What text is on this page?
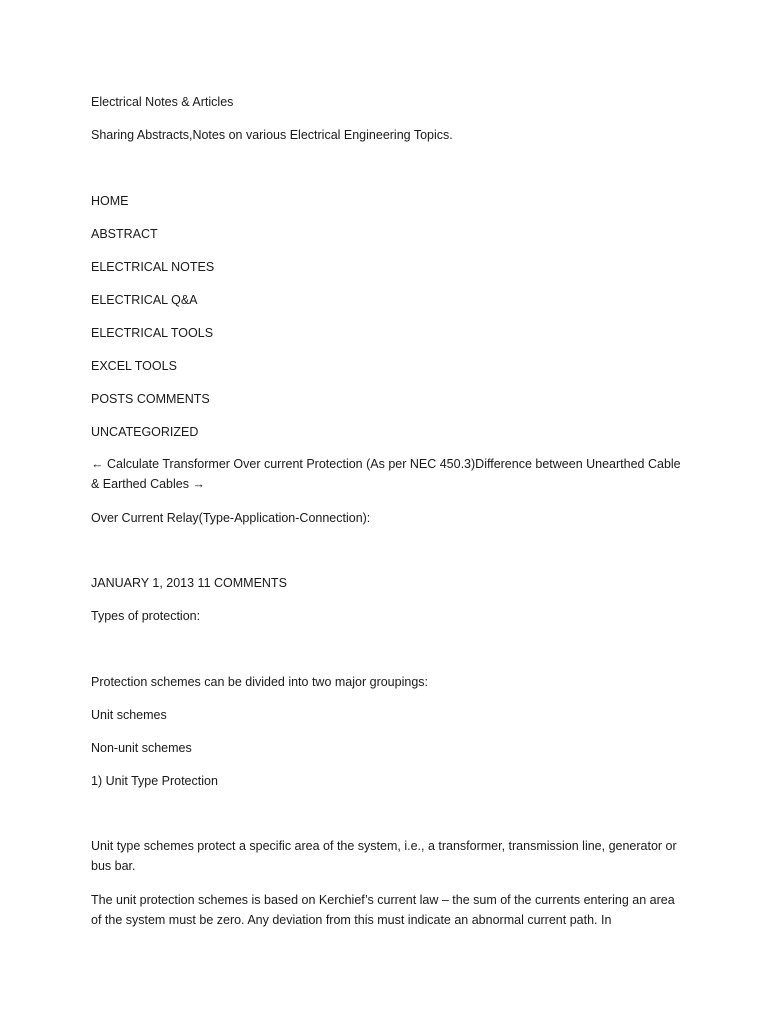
Electrical Notes & Articles
Sharing Abstracts,Notes on various Electrical Engineering Topics.
HOME
ABSTRACT
ELECTRICAL NOTES
ELECTRICAL Q&A
ELECTRICAL TOOLS
EXCEL TOOLS
POSTS COMMENTS
UNCATEGORIZED
← Calculate Transformer Over current Protection (As per NEC 450.3)Difference between Unearthed Cable & Earthed Cables →
Over Current Relay(Type-Application-Connection):
JANUARY 1, 2013 11 COMMENTS
Types of protection:
Protection schemes can be divided into two major groupings:
Unit schemes
Non-unit schemes
1) Unit Type Protection
Unit type schemes protect a specific area of the system, i.e., a transformer, transmission line, generator or bus bar.
The unit protection schemes is based on Kerchief’s current law – the sum of the currents entering an area of the system must be zero. Any deviation from this must indicate an abnormal current path. In
